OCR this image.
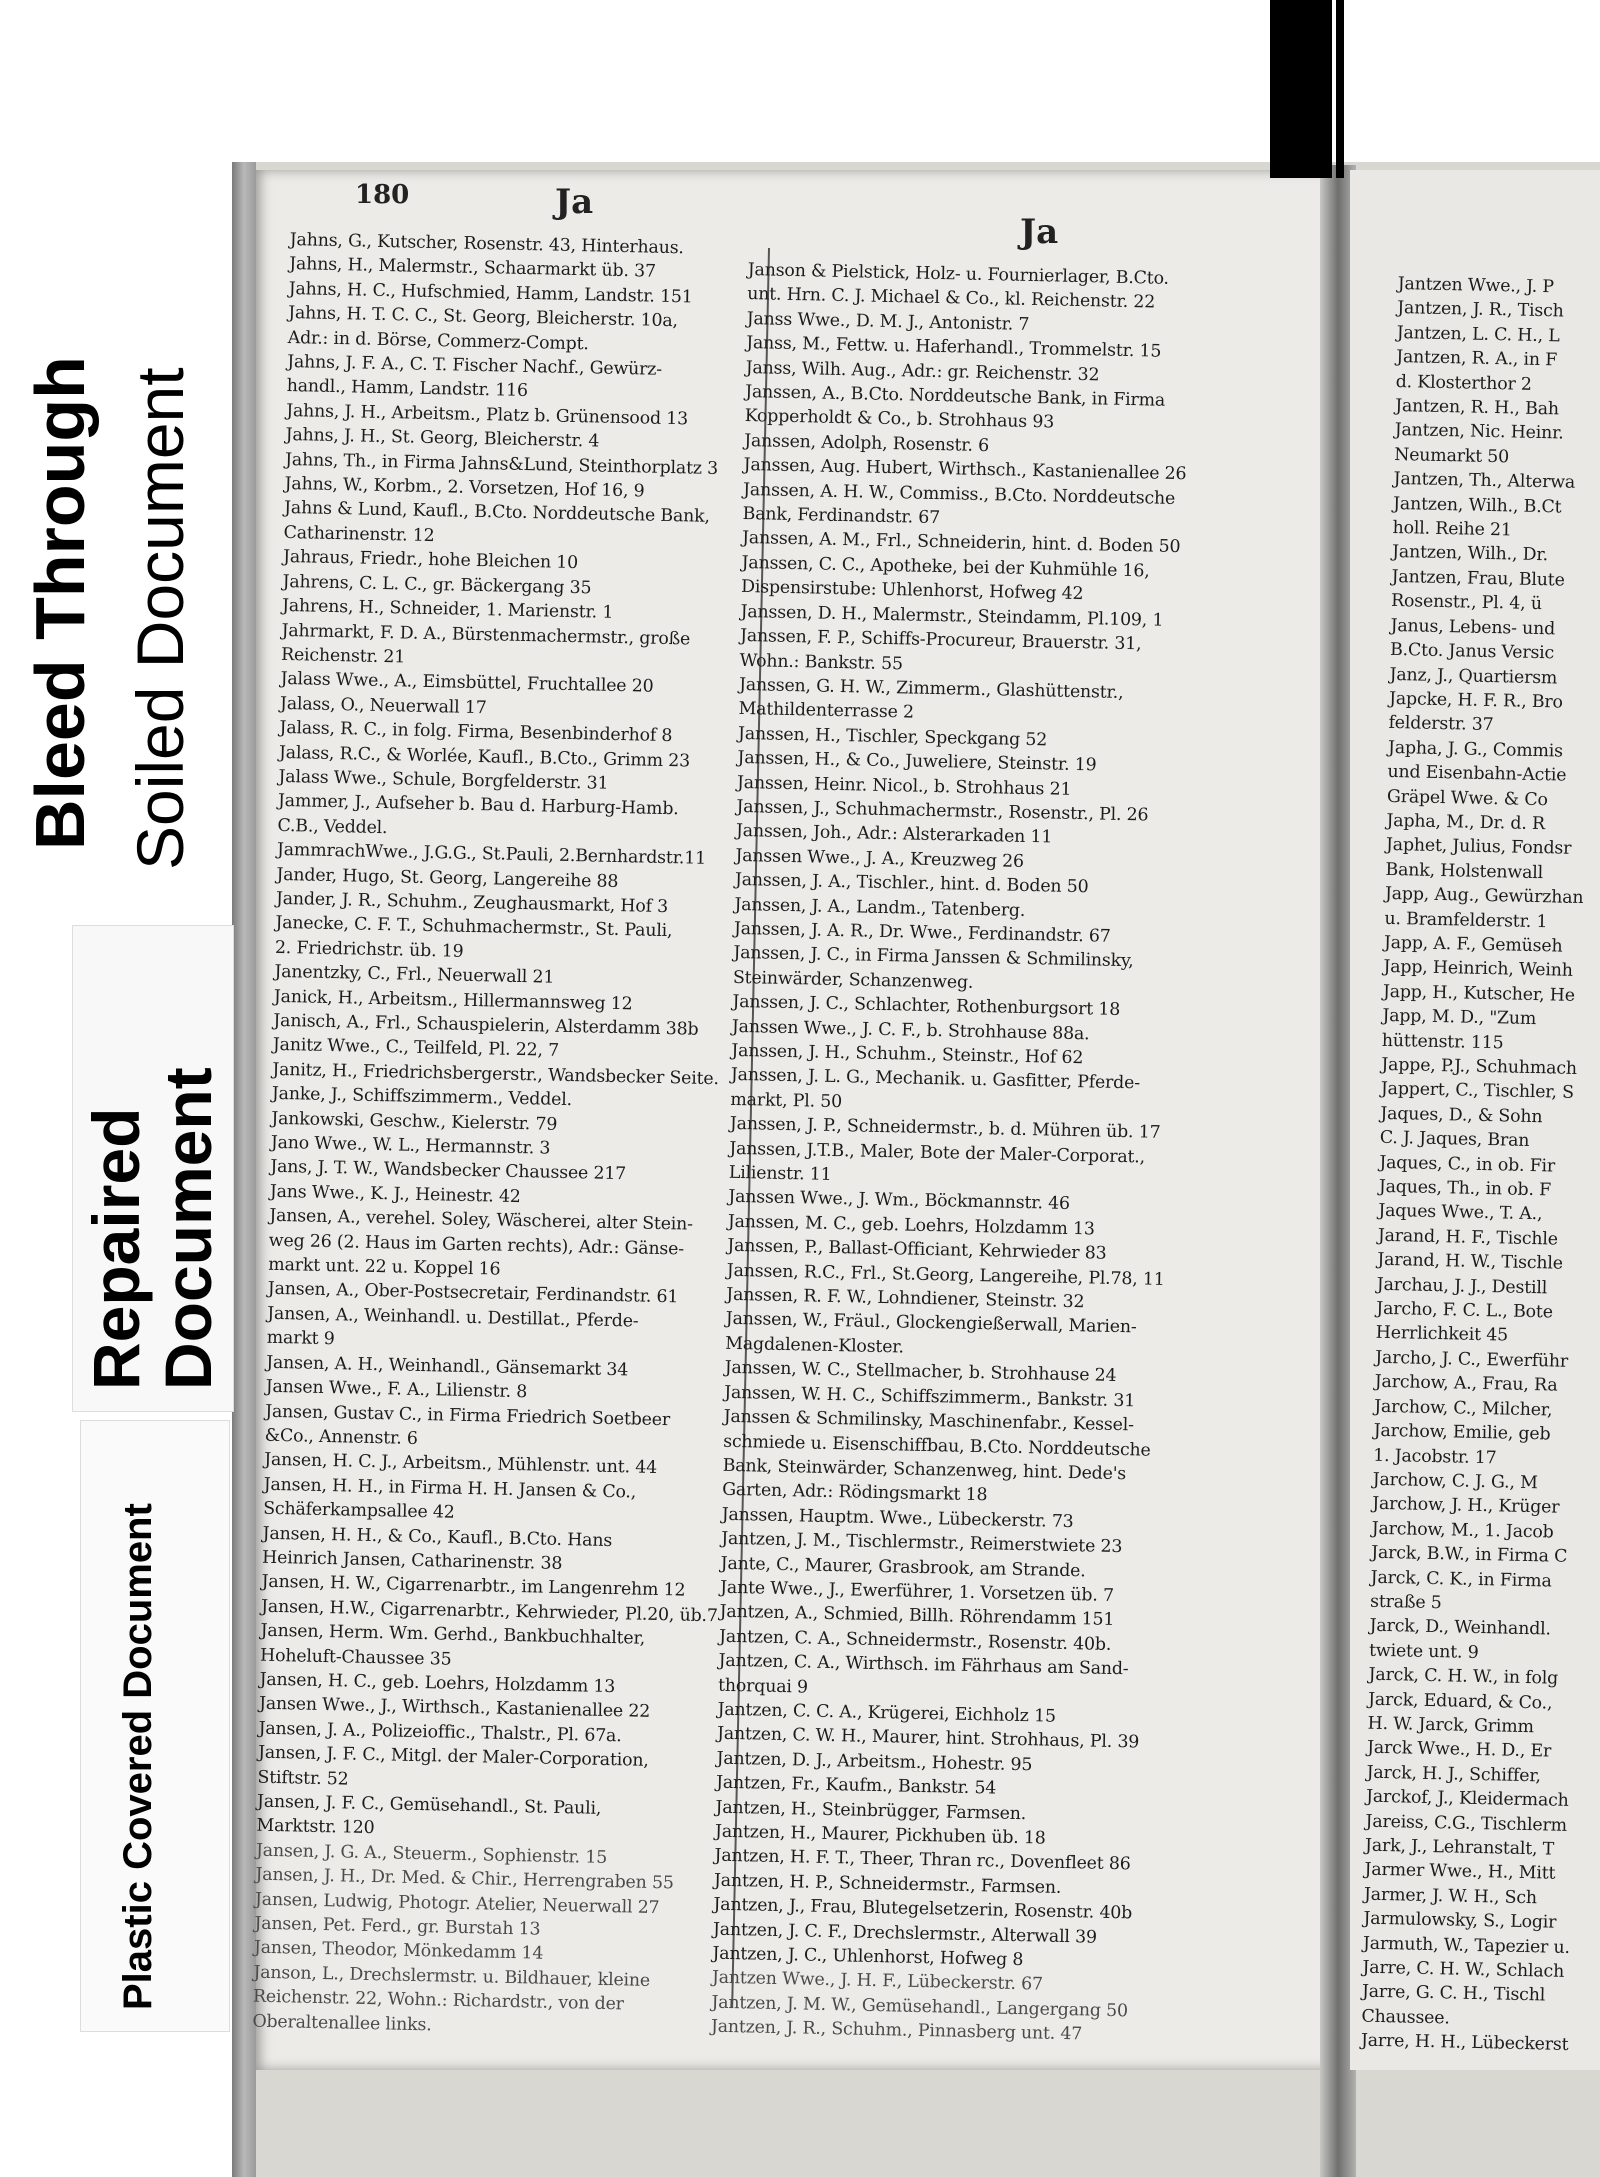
Bleed Through Soiled Document
Repaired
Document
Plastic Covered Document
180	Ja
Ja
Jahns, G., Kutscher, Rosenstr. 43, Hinterhaus.
Jahns, H., Malermstr., Schaarmarkt üb. 37
Jahns, H. C., Hufschmied, Hamm, Landstr. 151
Jahns, H. T. C. C., St. Georg, Bleicherstr. 10a,
Adr.: in d. Börse, Commerz-Compt.
Jahns, J. F. A., C. T. Fischer Nachf., Gewürz-
handl., Hamm, Landstr. 116
Jahns, J. H., Arbeitsm., Platz b. Grünensood 13
Jahns, J. H., St. Georg, Bleicherstr. 4
Jahns, Th., in Firma Jahns&Lund, Steinthorplatz 3
Jahns, W., Korbm., 2. Vorsetzen, Hof 16, 9
Jahns & Lund, Kaufl., B.Cto. Norddeutsche Bank,
Catharinenstr. 12
Jahraus, Friedr., hohe Bleichen 10
Jahrens, C. L. C., gr. Bäckergang 35
Jahrens, H., Schneider, 1. Marienstr. 1
Jahrmarkt, F. D. A., Bürstenmachermstr., große
Reichenstr. 21
Jalass Wwe., A., Eimsbüttel, Fruchtallee 20
Jalass, O., Neuerwall 17
Jalass, R. C., in folg. Firma, Besenbinderhof 8
Jalass, R.C., & Worlée, Kaufl., B.Cto., Grimm 23
Jalass Wwe., Schule, Borgfelderstr. 31
Jammer, J., Aufseher b. Bau d. Harburg-Hamb.
C.B., Veddel.
JammrachWwe., J.G.G., St.Pauli, 2.Bernhardstr.11
Jander, Hugo, St. Georg, Langereihe 88
Jander, J. R., Schuhm., Zeughausmarkt, Hof 3
Janecke, C. F. T., Schuhmachermstr., St. Pauli,
2. Friedrichstr. üb. 19
Janentzky, C., Frl., Neuerwall 21
Janick, H., Arbeitsm., Hillermannsweg 12
Janisch, A., Frl., Schauspielerin, Alsterdamm 38b
Janitz Wwe., C., Teilfeld, Pl. 22, 7
Janitz, H., Friedrichsbergerstr., Wandsbecker Seite.
Janke, J., Schiffszimmerm., Veddel.
Jankowski, Geschw., Kielerstr. 79
Jano Wwe., W. L., Hermannstr. 3
Jans, J. T. W., Wandsbecker Chaussee 217
Jans Wwe., K. J., Heinestr. 42
Jansen, A., verehel. Soley, Wäscherei, alter Stein-
weg 26 (2. Haus im Garten rechts), Adr.: Gänse-
markt unt. 22 u. Koppel 16
Jansen, A., Ober-Postsecretair, Ferdinandstr. 61
Jansen, A., Weinhandl. u. Destillat., Pferde-
markt 9
Jansen, A. H., Weinhandl., Gänsemarkt 34
Jansen Wwe., F. A., Lilienstr. 8
Jansen, Gustav C., in Firma Friedrich Soetbeer
&Co., Annenstr. 6
Jansen, H. C. J., Arbeitsm., Mühlenstr. unt. 44
Jansen, H. H., in Firma H. H. Jansen & Co.,
Schäferkampsallee 42
Jansen, H. H., & Co., Kaufl., B.Cto. Hans
Heinrich Jansen, Catharinenstr. 38
Jansen, H. W., Cigarrenarbtr., im Langenrehm 12
Jansen, H.W., Cigarrenarbtr., Kehrwieder, Pl.20, üb.7
Jansen, Herm. Wm. Gerhd., Bankbuchhalter,
Hoheluft-Chaussee 35
Jansen, H. C., geb. Loehrs, Holzdamm 13
Jansen Wwe., J., Wirthsch., Kastanienallee 22
Jansen, J. A., Polizeioffic., Thalstr., Pl. 67a.
Jansen, J. F. C., Mitgl. der Maler-Corporation,
Stiftstr. 52
Jansen, J. F. C., Gemüsehandl., St. Pauli,
Marktstr. 120
Jansen, J. G. A., Steuerm., Sophienstr. 15
Jansen, J. H., Dr. Med. & Chir., Herrengraben 55
Jansen, Ludwig, Photogr. Atelier, Neuerwall 27
Jansen, Pet. Ferd., gr. Burstah 13
Jansen, Theodor, Mönkedamm 14
Janson, L., Drechslermstr. u. Bildhauer, kleine
Reichenstr. 22, Wohn.: Richardstr., von der
Oberaltenallee links.
Janson & Pielstick, Holz- u. Fournierlager, B.Cto.
unt. Hrn. C. J. Michael & Co., kl. Reichenstr. 22
Janss Wwe., D. M. J., Antonistr. 7
Janss, M., Fettw. u. Haferhandl., Trommelstr. 15
Janss, Wilh. Aug., Adr.: gr. Reichenstr. 32
Janssen, A., B.Cto. Norddeutsche Bank, in Firma
Kopperholdt & Co., b. Strohhaus 93
Janssen, Adolph, Rosenstr. 6
Janssen, Aug. Hubert, Wirthsch., Kastanienallee 26
Janssen, A. H. W., Commiss., B.Cto. Norddeutsche
Bank, Ferdinandstr. 67
Janssen, A. M., Frl., Schneiderin, hint. d. Boden 50
Janssen, C. C., Apotheke, bei der Kuhmühle 16,
Dispensirstube: Uhlenhorst, Hofweg 42
Janssen, D. H., Malermstr., Steindamm, Pl.109, 1
Janssen, F. P., Schiffs-Procureur, Brauerstr. 31,
Wohn.: Bankstr. 55
Janssen, G. H. W., Zimmerm., Glashüttenstr.,
Mathildenterrasse 2
Janssen, H., Tischler, Speckgang 52
Janssen, H., & Co., Juweliere, Steinstr. 19
Janssen, Heinr. Nicol., b. Strohhaus 21
Janssen, J., Schuhmachermstr., Rosenstr., Pl. 26
Janssen, Joh., Adr.: Alsterarkaden 11
Janssen Wwe., J. A., Kreuzweg 26
Janssen, J. A., Tischler., hint. d. Boden 50
Janssen, J. A., Landm., Tatenberg.
Janssen, J. A. R., Dr. Wwe., Ferdinandstr. 67
Janssen, J. C., in Firma Janssen & Schmilinsky,
Steinwärder, Schanzenweg.
Janssen, J. C., Schlachter, Rothenburgsort 18
Janssen Wwe., J. C. F., b. Strohhause 88a.
Janssen, J. H., Schuhm., Steinstr., Hof 62
Janssen, J. L. G., Mechanik. u. Gasfitter, Pferde-
markt, Pl. 50
Janssen, J. P., Schneidermstr., b. d. Mühren üb. 17
Janssen, J.T.B., Maler, Bote der Maler-Corporat.,
Lilienstr. 11
Janssen Wwe., J. Wm., Böckmannstr. 46
Janssen, M. C., geb. Loehrs, Holzdamm 13
Janssen, P., Ballast-Officiant, Kehrwieder 83
Janssen, R.C., Frl., St.Georg, Langereihe, Pl.78, 11
Janssen, R. F. W., Lohndiener, Steinstr. 32
Janssen, W., Fräul., Glockengießerwall, Marien-
Magdalenen-Kloster.
Janssen, W. C., Stellmacher, b. Strohhause 24
Janssen, W. H. C., Schiffszimmerm., Bankstr. 31
Janssen & Schmilinsky, Maschinenfabr., Kessel-
schmiede u. Eisenschiffbau, B.Cto. Norddeutsche
Bank, Steinwärder, Schanzenweg, hint. Dede's
Garten, Adr.: Rödingsmarkt 18
Janssen, Hauptm. Wwe., Lübeckerstr. 73
Jantzen, J. M., Tischlermstr., Reimerstwiete 23
Jante, C., Maurer, Grasbrook, am Strande.
Jante Wwe., J., Ewerführer, 1. Vorsetzen üb. 7
Jantzen, A., Schmied, Billh. Röhrendamm 151
Jantzen, C. A., Schneidermstr., Rosenstr. 40b.
Jantzen, C. A., Wirthsch. im Fährhaus am Sand-
thorquai 9
Jantzen, C. C. A., Krügerei, Eichholz 15
Jantzen, C. W. H., Maurer, hint. Strohhaus, Pl. 39
Jantzen, D. J., Arbeitsm., Hohestr. 95
Jantzen, Fr., Kaufm., Bankstr. 54
Jantzen, H., Steinbrügger, Farmsen.
Jantzen, H., Maurer, Pickhuben üb. 18
Jantzen, H. F. T., Theer, Thran rc., Dovenfleet 86
Jantzen, H. P., Schneidermstr., Farmsen.
Jantzen, J., Frau, Blutegelsetzerin, Rosenstr. 40b
Jantzen, J. C. F., Drechslermstr., Alterwall 39
Jantzen, J. C., Uhlenhorst, Hofweg 8
Jantzen Wwe., J. H. F., Lübeckerstr. 67
Jantzen, J. M. W., Gemüsehandl., Langergang 50
Jantzen, J. R., Schuhm., Pinnasberg unt. 47
Jantzen Wwe., J. P
Jantzen, J. R., Tisch
Jantzen, L. C. H., L
Jantzen, R. A., in F
d. Klosterthor 2
Jantzen, R. H., Bah
Jantzen, Nic. Heinr.
Neumarkt 50
Jantzen, Th., Alterwa
Jantzen, Wilh., B.Ct
holl. Reihe 21
Jantzen, Wilh., Dr.
Jantzen, Frau, Blute
Rosenstr., Pl. 4, ü
Janus, Lebens- und
B.Cto. Janus Versic
Janz, J., Quartiersm
Japcke, H. F. R., Bro
felderstr. 37
Japha, J. G., Commis
und Eisenbahn-Actie
Gräpel Wwe. & Co
Japha, M., Dr. d. R
Japhet, Julius, Fondsr
Bank, Holstenwall
Japp, Aug., Gewürzhan
u. Bramfelderstr. 1
Japp, A. F., Gemüseh
Japp, Heinrich, Weinh
Japp, H., Kutscher, He
Japp, M. D., "Zum
hüttenstr. 115
Jappe, P.J., Schuhmach
Jappert, C., Tischler, S
Jaques, D., & Sohn
C. J. Jaques, Bran
Jaques, C., in ob. Fir
Jaques, Th., in ob. F
Jaques Wwe., T. A.,
Jarand, H. F., Tischle
Jarand, H. W., Tischle
Jarchau, J. J., Destill
Jarcho, F. C. L., Bote
Herrlichkeit 45
Jarcho, J. C., Ewerführ
Jarchow, A., Frau, Ra
Jarchow, C., Milcher,
Jarchow, Emilie, geb
1. Jacobstr. 17
Jarchow, C. J. G., M
Jarchow, J. H., Krüger
Jarchow, M., 1. Jacob
Jarck, B.W., in Firma C
Jarck, C. K., in Firma
straße 5
Jarck, D., Weinhandl.
twiete unt. 9
Jarck, C. H. W., in folg
Jarck, Eduard, & Co.,
H. W. Jarck, Grimm
Jarck Wwe., H. D., Er
Jarck, H. J., Schiffer,
Jarckof, J., Kleidermach
Jareiss, C.G., Tischlerm
Jark, J., Lehranstalt, T
Jarmer Wwe., H., Mitt
Jarmer, J. W. H., Sch
Jarmulowsky, S., Logir
Jarmuth, W., Tapezier u.
Jarre, C. H. W., Schlach
Jarre, G. C. H., Tischl
Chaussee.
Jarre, H. H., Lübeckerst
